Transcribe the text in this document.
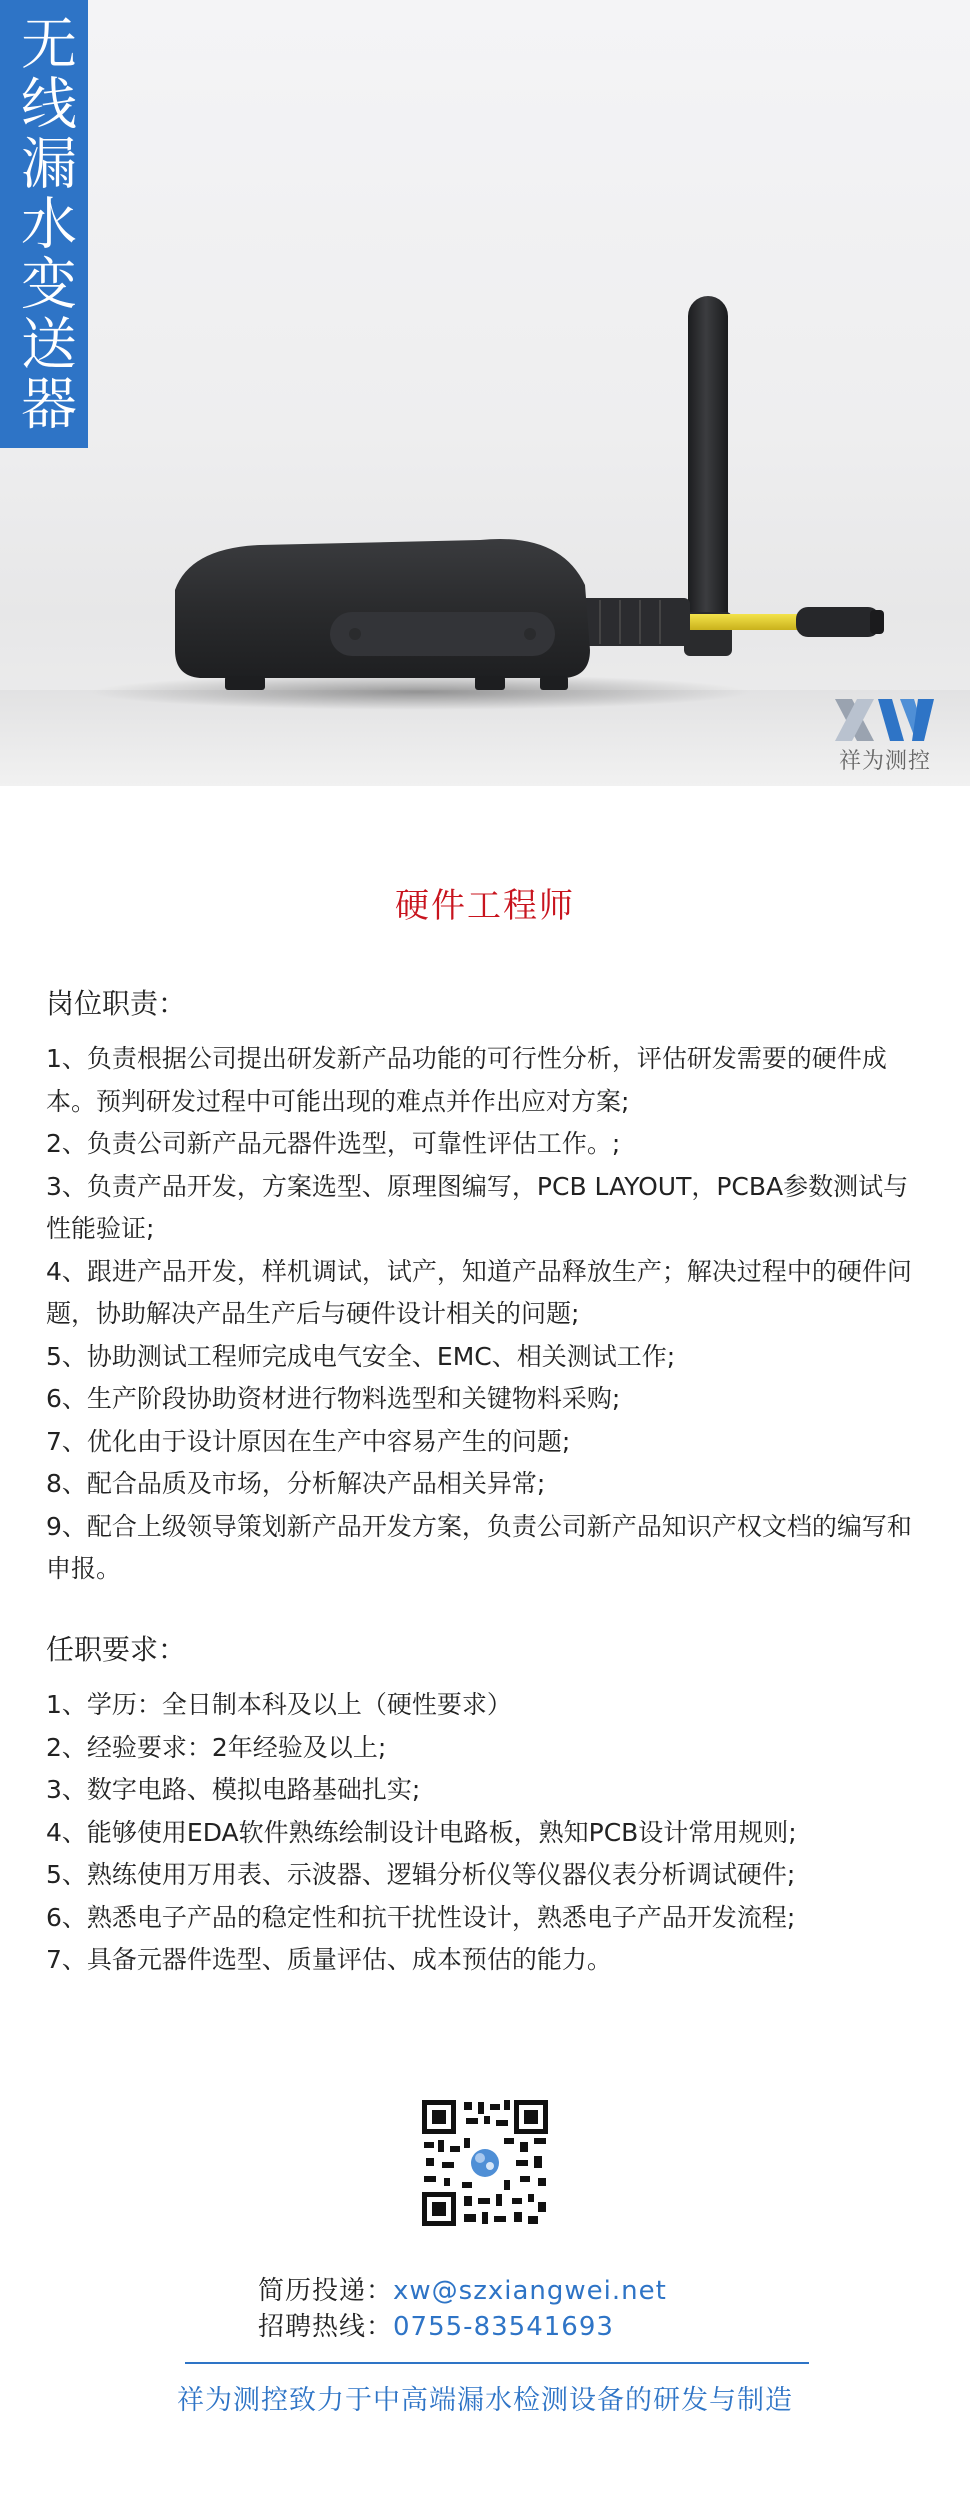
无线漏水变送器
祥为测控
硬件工程师
岗位职责：
1、负责根据公司提出研发新产品功能的可行性分析，评估研发需要的硬件成本。预判研发过程中可能出现的难点并作出应对方案;
2、负责公司新产品元器件选型，可靠性评估工作。;
3、负责产品开发，方案选型、原理图编写，PCB LAYOUT，PCBA参数测试与性能验证;
4、跟进产品开发，样机调试，试产，知道产品释放生产；解决过程中的硬件问题，协助解决产品生产后与硬件设计相关的问题;
5、协助测试工程师完成电气安全、EMC、相关测试工作;
6、生产阶段协助资材进行物料选型和关键物料采购;
7、优化由于设计原因在生产中容易产生的问题;
8、配合品质及市场，分析解决产品相关异常;
9、配合上级领导策划新产品开发方案，负责公司新产品知识产权文档的编写和申报。
任职要求：
1、学历：全日制本科及以上（硬性要求）
2、经验要求：2年经验及以上;
3、数字电路、模拟电路基础扎实;
4、能够使用EDA软件熟练绘制设计电路板，熟知PCB设计常用规则;
5、熟练使用万用表、示波器、逻辑分析仪等仪器仪表分析调试硬件;
6、熟悉电子产品的稳定性和抗干扰性设计，熟悉电子产品开发流程;
7、具备元器件选型、质量评估、成本预估的能力。
简历投递：xw@szxiangwei.net
招聘热线：0755-83541693
祥为测控致力于中高端漏水检测设备的研发与制造
